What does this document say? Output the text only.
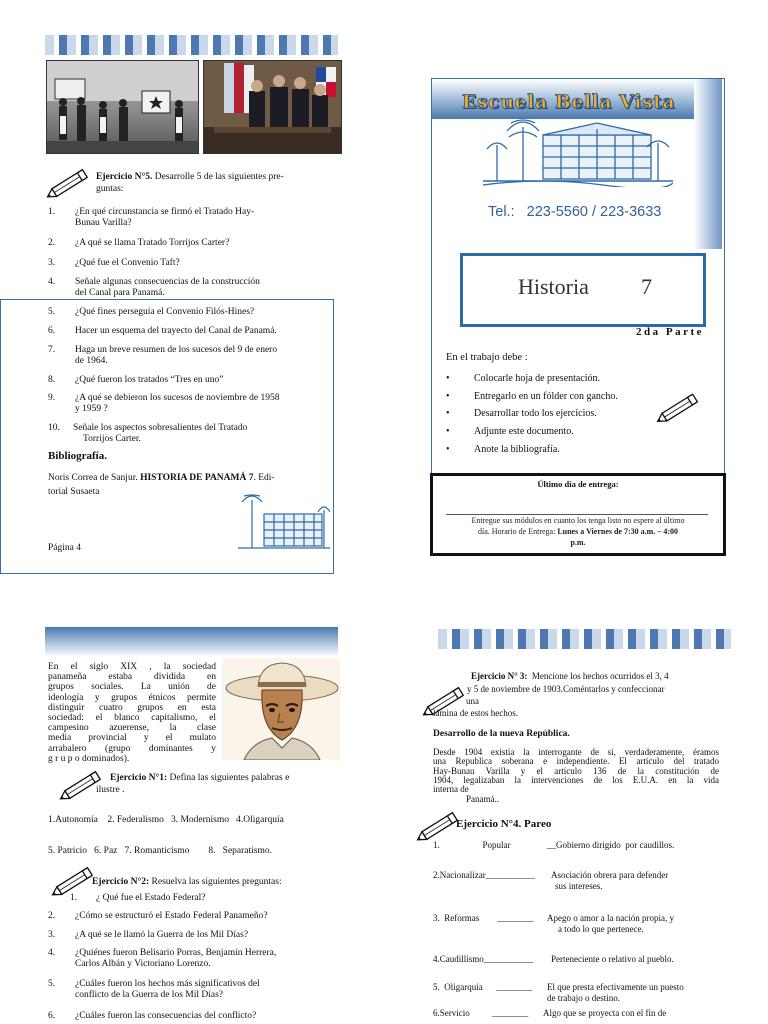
Ejercicio N°5. Desarrolle 5 de las siguientes pre-
guntas:
1.	¿En qué circunstancia se firmó el Tratado Hay-
Bunau Varilla?
2.	¿A qué se llama Tratado Torrijos Carter?
3.	¿Qué fue el Convenio Taft?
4.	Señale algunas consecuencias de la construcción
del Canal para Panamá.
5.	¿Qué fines perseguía el Convenio Filós-Hines?
6.	Hacer un esquema del trayecto del Canal de Panamá.
7.	Haga un breve resumen de los sucesos del 9 de enero
de 1964.
8.	¿Qué fueron los tratados “Tres en uno”
9.	¿A qué se debieron los sucesos de noviembre de 1958
y 1959 ?
10.	Señale los aspectos sobresalientes del Tratado
Torrijos Carter.
Bibliografía.
Noris Correa de Sanjur. HISTORIA DE PANAMÁ 7. Edi-
torial Susaeta
Página 4
Escuela Bella Vista
Tel.:   223-5560 / 223-3633
Historia 7
2da Parte
En el trabajo debe :
• Colocarle hoja de presentación.
• Entregarlo en un fólder con gancho.
• Desarrollar todo los ejercicios.
• Adjunte este documento.
• Anote la bibliografía.
Último día de entrega:
Entregue sus módulos en cuanto los tenga listo no espere al último
día. Horario de Entrega: Lunes a Viernes de 7:30 a.m. – 4:00
p.m.
En el siglo XIX , la sociedad
panameña estaba dividida en
grupos sociales. La unión de
ideología y grupos étnicos permite
distinguir cuatro grupos en esta
sociedad: el blanco capitalismo, el
campesino azuerense, la clase
media provincial y el mulato
arrabalero (grupo dominantes y
g r u p o dominados).
Ejercicio N°1: Defina las siguientes palabras e
ilustre .
1.Autonomía    2. Federalismo   3. Modernismo   4.Oligarquía
5. Patricio   6. Paz   7. Romanticismo        8.   Separatismo.
Ejercicio N°2: Resuelva las siguientes preguntas:
1.	¿ Qué fue el Estado Federal?
2.	¿Cómo se estructuró el Estado Federal Panameño?
3.	¿A qué se le llamó la Guerra de los Mil Días?
4.	¿Quiénes fueron Belisario Porras, Benjamín Herrera,
Carlos Albán y Victoriano Lorenzo.
5.	¿Cuáles fueron los hechos más significativos del
conflicto de la Guerra de los Mil Días?
6.	¿Cuáles fueron las consecuencias del conflicto?
Ejercicio N° 3:  Mencione los hechos ocurridos el 3, 4
y 5 de noviembre de 1903.Coméntarlos y confeccionar
una
lámina de estos hechos.
Desarrollo de la nueva República.
Desde 1904 existía la interrogante de si, verdaderamente, éramos
una Republica soberana e independiente. El artículo del tratado
Hay-Bunau Varilla y el artículo 136 de la constitución de
1904, legalizaban la intervenciones de los E.U.A. en la vida
interna de
Panamá..
Ejercicio N°4. Pareo
1.                   Popular	__Gobierno dirigido  por caudillos.
2.Nacionalizar___________ Asociación obrera para defender
sus intereses.
3.  Reformas        ________ Apego o amor a la nación propia, y
a todo lo que pertenece.
4.Caudillismo___________ Perteneciente o relativo al pueblo.
5.  Oligarquía      ________ El que presta efectivamente un puesto
de trabajo o destino.
6.Servicio          ________ Algo que se proyecta con el fin de
